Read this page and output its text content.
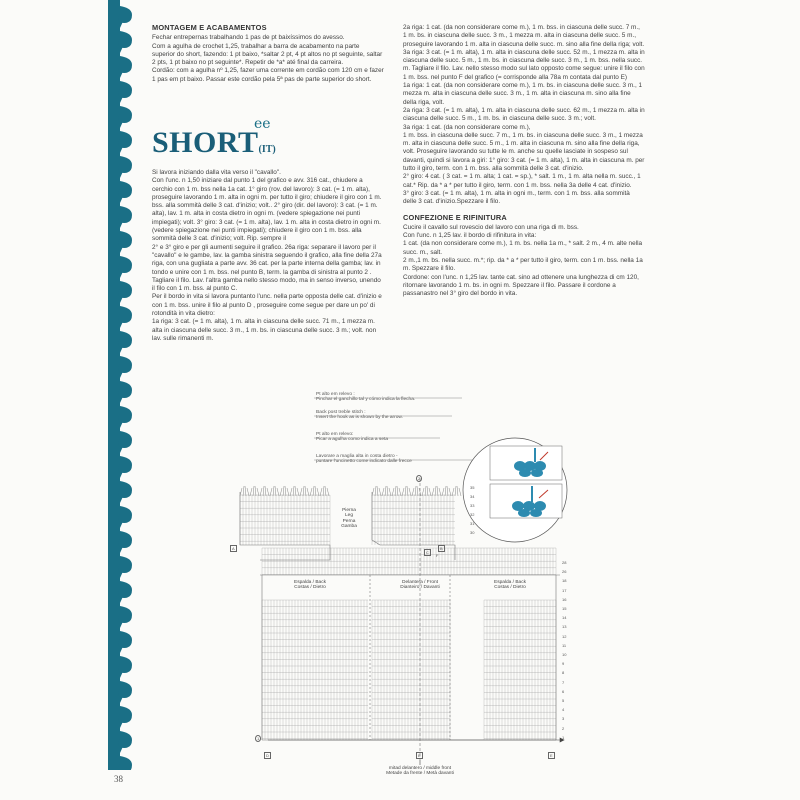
MONTAGEM E ACABAMENTOS

Fechar entrepernas trabalhando 1 pas de pt baixíssimos do avesso.

Com a agulha de crochet 1,25, trabalhar a barra de acabamento na parte superior do short, fazendo: 1 pt baixo, *saltar 2 pt, 4 pt altos no pt seguinte, saltar 2 pts, 1 pt baixo no pt seguinte*. Repetir de *a* até final da carreira.

Cordão: com a agulha nº 1,25, fazer uma corrente em cordão com 120 cm e fazer 1 pas em pt baixo. Passar este cordão pela 5ª pas de parte superior do short.

ee
SHORT(IT)

Si lavora iniziando dalla vita verso il "cavallo".

Con l'unc. n 1,50 iniziare dal punto 1 del grafico e avv. 316 cat., chiudere a cerchio con 1 m. bss nella 1a cat. 1° giro (rov. del lavoro): 3 cat. (= 1 m. alta), proseguire lavorando 1 m. alta in ogni m. per tutto il giro; chiudere il giro con 1 m. bss. alla sommità delle 3 cat. d'inizio; volt.. 2° giro (dir. del lavoro): 3 cat. (= 1 m. alta), lav. 1 m. alta in costa dietro in ogni m. (vedere spiegazione nei punti impiegati); volt. 3° giro: 3 cat. (= 1 m. alta), lav. 1 m. alta in costa dietro in ogni m.(vedere spiegazione nei punti impiegati); chiudere il giro con 1 m. bss. alla sommità delle 3 cat. d'inizio; volt. Rip. sempre il

2° e 3° giro e per gli aumenti seguire il grafico. 26a riga: separare il lavoro per il "cavallo" e le gambe, lav. la gamba sinistra seguendo il grafico, alla fine della 27a riga, con una gugliata a parte avv. 36 cat. per la parte interna della gamba; lav. in tondo e unire con 1 m. bss. nel punto B, term. la gamba di sinistra al punto 2 . Tagliare il filo. Lav. l'altra gamba nello stesso modo, ma in senso inverso, unendo il filo con 1 m. bss. al punto C.

Per il bordo in vita si lavora puntanto l'unc. nella parte opposta delle cat. d'inizio e con 1 m. bss. unire il filo al punto D , proseguire come segue per dare un po' di rotondità in vita dietro:

1a riga: 3 cat. (= 1 m. alta), 1 m. alta in ciascuna delle succ. 71 m., 1 mezza m. alta in ciascuna delle succ. 3 m., 1 m. bs. in ciascuna delle succ. 3 m.; volt. non lav. sulle rimanenti m.

2a riga: 1 cat. (da non considerare come m.), 1 m. bss. in ciascuna delle succ. 7 m., 1 m. bs. in ciascuna delle succ. 3 m., 1 mezza m. alta in ciascuna delle succ. 5 m., proseguire lavorando 1 m. alta in ciascuna delle succ. m. sino alla fine della riga; volt.

3a riga: 3 cat. (= 1 m. alta), 1 m. alta in ciascuna delle succ. 52 m., 1 mezza m. alta in ciascuna delle succ. 5 m., 1 m. bs. in ciascuna delle succ. 3 m., 1 m. bss. nella succ. m. Tagliare il filo. Lav. nello stesso modo sul lato opposto come segue: unire il filo con 1 m. bss. nel punto F del grafico (= corrisponde alla 78a m contata dal punto E)

1a riga: 1 cat. (da non considerare come m.), 1 m. bs. in ciascuna delle succ. 3 m., 1 mezza m. alta in ciascuna delle succ. 3 m., 1 m. alta in ciascuna m. sino alla fine della riga, volt.

2a riga: 3 cat. (= 1 m. alta), 1 m. alta in ciascuna delle succ. 62 m., 1 mezza m. alta in ciascuna delle succ. 5 m., 1 m. bs. in ciascuna delle succ. 3 m.; volt.

3a riga: 1 cat. (da non considerare come m.),

1 m. bss. in ciascuna delle succ. 7 m., 1 m. bs. in ciascuna delle succ. 3 m., 1 mezza m. alta in ciascuna delle succ. 5 m., 1 m. alta in ciascuna m. sino alla fine della riga, volt. Proseguire lavorando su tutte le m. anche su quelle lasciate in sospeso sul davanti, quindi si lavora a giri: 1° giro: 3 cat. (= 1 m. alta), 1 m. alta in ciascuna m. per tutto il giro, term. con 1 m. bss. alla sommità delle 3 cat. d'inizio.

2° giro: 4 cat. ( 3 cat. = 1 m. alta; 1 cat. = sp.), * salt. 1 m., 1 m. alta nella m. succ., 1 cat.* Rip. da * a * per tutto il giro, term. con 1 m. bss. nella 3a delle 4 cat. d'inizio.

3° giro: 3 cat. (= 1 m. alta), 1 m. alta in ogni m., term. con 1 m. bss. alla sommità delle 3 cat. d'inizio.Spezzare il filo.

CONFEZIONE E RIFINITURA

Cucire il cavallo sul rovescio del lavoro con una riga di m. bss.

Con l'unc. n 1,25 lav. il bordo di rifinitura in vita:

1 cat. (da non considerare come m.), 1 m. bs. nella 1a m., * salt. 2 m., 4 m. alte nella succ. m., salt.

2 m.,1 m. bs. nella succ. m.*; rip. da * a * per tutto il giro, term. con 1 m. bss. nella 1a m. Spezzare il filo.

Cordone: con l'unc. n 1,25 lav. tante cat. sino ad ottenere una lunghezza di cm 120, ritornare lavorando 1 m. bs. in ogni m. Spezzare il filo. Passare il cordone a passanastro nel 3° giro del bordo in vita.

Pt alto em relevo :
Pinchar el ganchillo tal y cómo indica la flecha.
Back post treble stitch :
Insert the hook as is shown by the arrow.
Pt alto em relevo:
Picar a agulha como indica a seta
Lavorare a maglia alta in costa dietro -
puntare l'uncinetto come indicato dalle frecce
Pierna
Leg
Perna
Gamba
Espalda / Back
Costas / Dietro
Delantera / Front
Dianteiro / Davanti
Espalda / Back
Costas / Dietro
mitad delantero / middle front
Metade da frente / Metà davanti
A	B
C
D	E	E
2
1
F
35
34
33
32
31
30
28
26
18
17
16
15
14
13
12
11
10
9
8
7
6
5
4
3
2
1
38
